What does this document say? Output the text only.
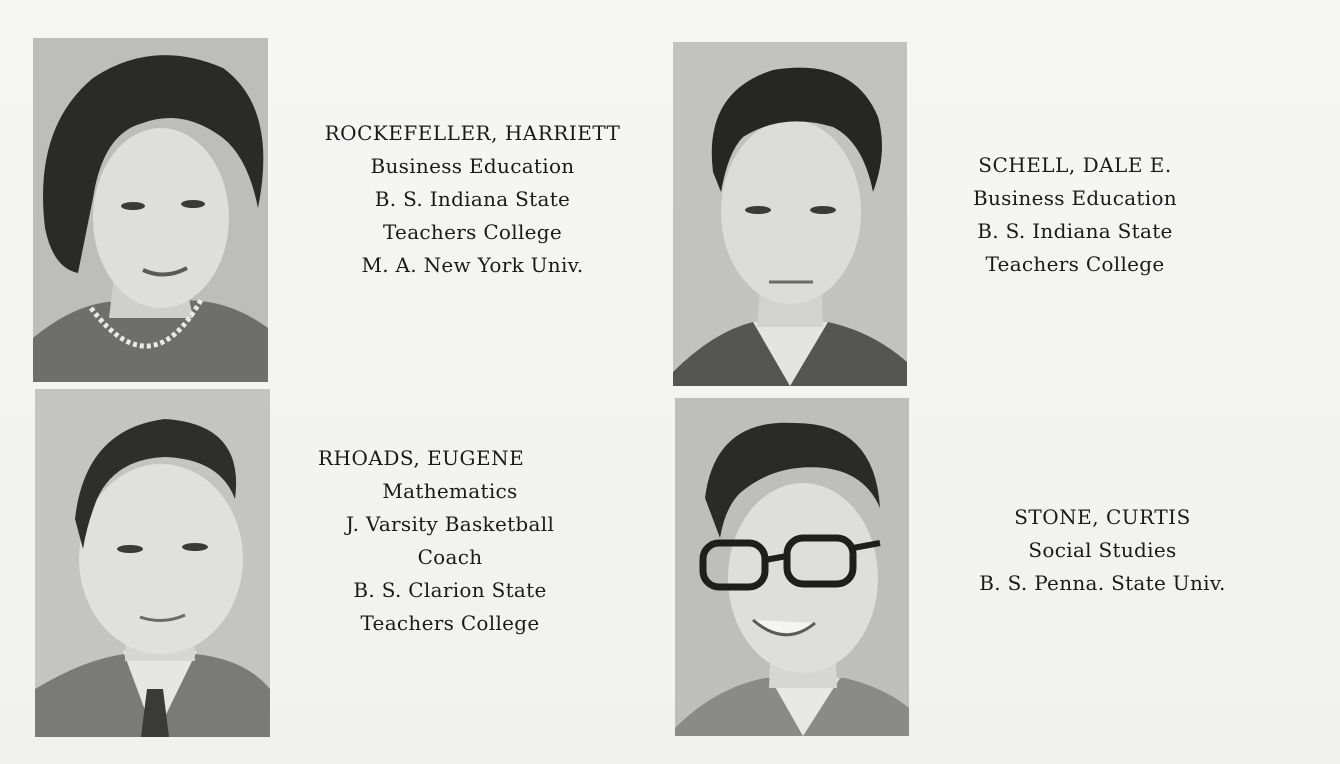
ROCKEFELLER, HARRIETT
Business Education
B. S. Indiana State
Teachers College
M. A. New York Univ.
SCHELL, DALE E.
Business Education
B. S. Indiana State
Teachers College
RHOADS, EUGENE
Mathematics
J. Varsity Basketball
Coach
B. S. Clarion State
Teachers College
STONE, CURTIS
Social Studies
B. S. Penna. State Univ.
